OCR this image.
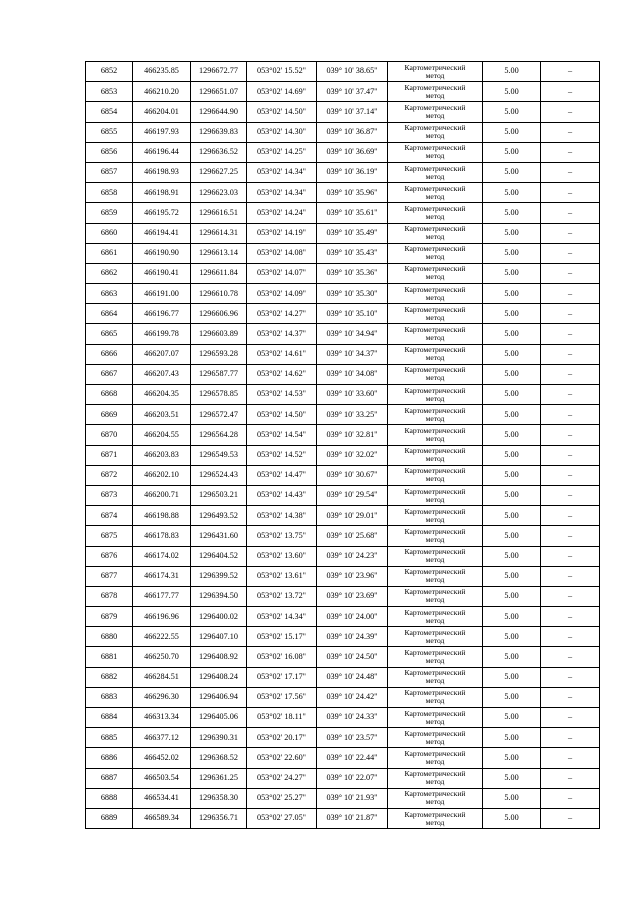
6852	466235.85	1296672.77	053°02' 15.52"	039° 10' 38.65"	Картометрический
метод	5.00	–
6853	466210.20	1296651.07	053°02' 14.69"	039° 10' 37.47"	Картометрический
метод	5.00	–
6854	466204.01	1296644.90	053°02' 14.50"	039° 10' 37.14"	Картометрический
метод	5.00	–
6855	466197.93	1296639.83	053°02' 14.30"	039° 10' 36.87"	Картометрический
метод	5.00	–
6856	466196.44	1296636.52	053°02' 14.25"	039° 10' 36.69"	Картометрический
метод	5.00	–
6857	466198.93	1296627.25	053°02' 14.34"	039° 10' 36.19"	Картометрический
метод	5.00	–
6858	466198.91	1296623.03	053°02' 14.34"	039° 10' 35.96"	Картометрический
метод	5.00	–
6859	466195.72	1296616.51	053°02' 14.24"	039° 10' 35.61"	Картометрический
метод	5.00	–
6860	466194.41	1296614.31	053°02' 14.19"	039° 10' 35.49"	Картометрический
метод	5.00	–
6861	466190.90	1296613.14	053°02' 14.08"	039° 10' 35.43"	Картометрический
метод	5.00	–
6862	466190.41	1296611.84	053°02' 14.07"	039° 10' 35.36"	Картометрический
метод	5.00	–
6863	466191.00	1296610.78	053°02' 14.09"	039° 10' 35.30"	Картометрический
метод	5.00	–
6864	466196.77	1296606.96	053°02' 14.27"	039° 10' 35.10"	Картометрический
метод	5.00	–
6865	466199.78	1296603.89	053°02' 14.37"	039° 10' 34.94"	Картометрический
метод	5.00	–
6866	466207.07	1296593.28	053°02' 14.61"	039° 10' 34.37"	Картометрический
метод	5.00	–
6867	466207.43	1296587.77	053°02' 14.62"	039° 10' 34.08"	Картометрический
метод	5.00	–
6868	466204.35	1296578.85	053°02' 14.53"	039° 10' 33.60"	Картометрический
метод	5.00	–
6869	466203.51	1296572.47	053°02' 14.50"	039° 10' 33.25"	Картометрический
метод	5.00	–
6870	466204.55	1296564.28	053°02' 14.54"	039° 10' 32.81"	Картометрический
метод	5.00	–
6871	466203.83	1296549.53	053°02' 14.52"	039° 10' 32.02"	Картометрический
метод	5.00	–
6872	466202.10	1296524.43	053°02' 14.47"	039° 10' 30.67"	Картометрический
метод	5.00	–
6873	466200.71	1296503.21	053°02' 14.43"	039° 10' 29.54"	Картометрический
метод	5.00	–
6874	466198.88	1296493.52	053°02' 14.38"	039° 10' 29.01"	Картометрический
метод	5.00	–
6875	466178.83	1296431.60	053°02' 13.75"	039° 10' 25.68"	Картометрический
метод	5.00	–
6876	466174.02	1296404.52	053°02' 13.60"	039° 10' 24.23"	Картометрический
метод	5.00	–
6877	466174.31	1296399.52	053°02' 13.61"	039° 10' 23.96"	Картометрический
метод	5.00	–
6878	466177.77	1296394.50	053°02' 13.72"	039° 10' 23.69"	Картометрический
метод	5.00	–
6879	466196.96	1296400.02	053°02' 14.34"	039° 10' 24.00"	Картометрический
метод	5.00	–
6880	466222.55	1296407.10	053°02' 15.17"	039° 10' 24.39"	Картометрический
метод	5.00	–
6881	466250.70	1296408.92	053°02' 16.08"	039° 10' 24.50"	Картометрический
метод	5.00	–
6882	466284.51	1296408.24	053°02' 17.17"	039° 10' 24.48"	Картометрический
метод	5.00	–
6883	466296.30	1296406.94	053°02' 17.56"	039° 10' 24.42"	Картометрический
метод	5.00	–
6884	466313.34	1296405.06	053°02' 18.11"	039° 10' 24.33"	Картометрический
метод	5.00	–
6885	466377.12	1296390.31	053°02' 20.17"	039° 10' 23.57"	Картометрический
метод	5.00	–
6886	466452.02	1296368.52	053°02' 22.60"	039° 10' 22.44"	Картометрический
метод	5.00	–
6887	466503.54	1296361.25	053°02' 24.27"	039° 10' 22.07"	Картометрический
метод	5.00	–
6888	466534.41	1296358.30	053°02' 25.27"	039° 10' 21.93"	Картометрический
метод	5.00	–
6889	466589.34	1296356.71	053°02' 27.05"	039° 10' 21.87"	Картометрический
метод	5.00	–
